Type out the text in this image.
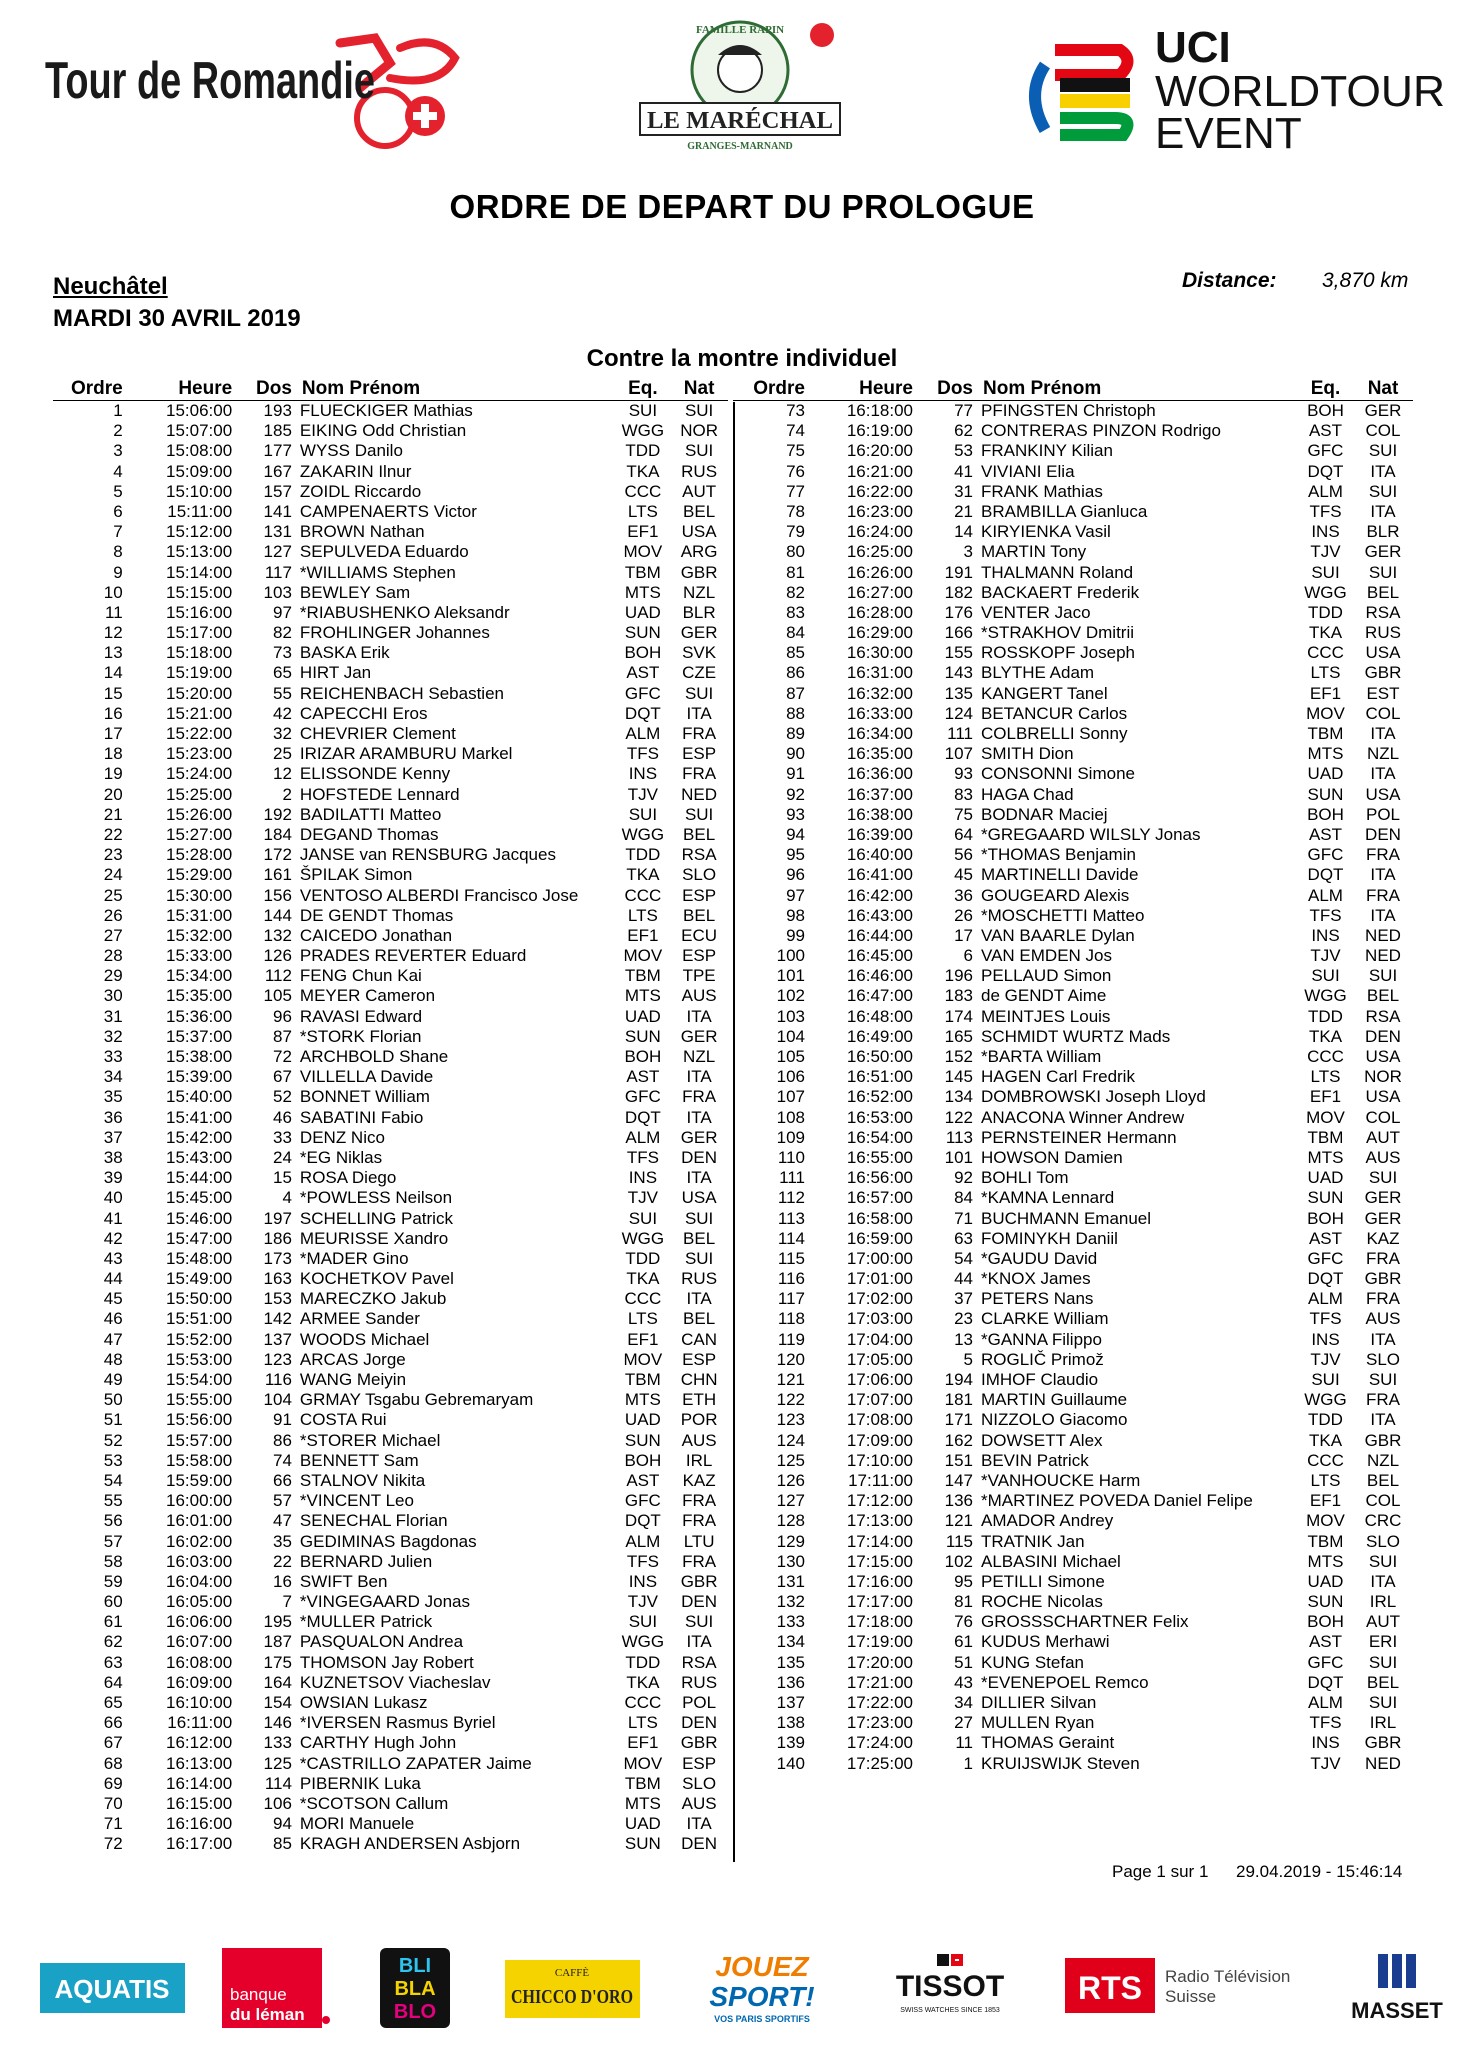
Tour de Romandie
FAMILLE RAPIN
LE MARÉCHAL
GRANGES-MARNAND
UCI
WORLDTOUR
EVENT
ORDRE DE DEPART DU PROLOGUE
Neuchâtel
MARDI 30 AVRIL 2019
Distance: 3,870 km
Contre la montre individuel
Ordre	Heure	Dos Nom Prénom	Eq.	Nat
1	15:06:00	193 FLUECKIGER Mathias	SUI	SUI
2	15:07:00	185 EIKING Odd Christian	WGG NOR
3	15:08:00	177 WYSS Danilo	TDD	SUI
4	15:09:00	167 ZAKARIN Ilnur	TKA	RUS
5	15:10:00	157 ZOIDL Riccardo	CCC	AUT
6	15:11:00	141 CAMPENAERTS Victor	LTS	BEL
7	15:12:00	131 BROWN Nathan	EF1	USA
8	15:13:00	127 SEPULVEDA Eduardo	MOV	ARG
9	15:14:00	117 *WILLIAMS Stephen	TBM	GBR
10	15:15:00	103 BEWLEY Sam	MTS	NZL
11	15:16:00	97 *RIABUSHENKO Aleksandr	UAD	BLR
12	15:17:00	82 FROHLINGER Johannes	SUN	GER
13	15:18:00	73 BASKA Erik	BOH	SVK
14	15:19:00	65 HIRT Jan	AST	CZE
15	15:20:00	55 REICHENBACH Sebastien	GFC	SUI
16	15:21:00	42 CAPECCHI Eros	DQT	ITA
17	15:22:00	32 CHEVRIER Clement	ALM	FRA
18	15:23:00	25 IRIZAR ARAMBURU Markel	TFS	ESP
19	15:24:00	12 ELISSONDE Kenny	INS	FRA
20	15:25:00	2 HOFSTEDE Lennard	TJV	NED
21	15:26:00	192 BADILATTI Matteo	SUI	SUI
22	15:27:00	184 DEGAND Thomas	WGG	BEL
23	15:28:00	172 JANSE van RENSBURG Jacques	TDD	RSA
24	15:29:00	161 ŠPILAK Simon	TKA	SLO
25	15:30:00	156 VENTOSO ALBERDI Francisco Jose	CCC	ESP
26	15:31:00	144 DE GENDT Thomas	LTS	BEL
27	15:32:00	132 CAICEDO Jonathan	EF1	ECU
28	15:33:00	126 PRADES REVERTER Eduard	MOV	ESP
29	15:34:00	112 FENG Chun Kai	TBM	TPE
30	15:35:00	105 MEYER Cameron	MTS	AUS
31	15:36:00	96 RAVASI Edward	UAD	ITA
32	15:37:00	87 *STORK Florian	SUN	GER
33	15:38:00	72 ARCHBOLD Shane	BOH	NZL
34	15:39:00	67 VILLELLA Davide	AST	ITA
35	15:40:00	52 BONNET William	GFC	FRA
36	15:41:00	46 SABATINI Fabio	DQT	ITA
37	15:42:00	33 DENZ Nico	ALM	GER
38	15:43:00	24 *EG Niklas	TFS	DEN
39	15:44:00	15 ROSA Diego	INS	ITA
40	15:45:00	4 *POWLESS Neilson	TJV	USA
41	15:46:00	197 SCHELLING Patrick	SUI	SUI
42	15:47:00	186 MEURISSE Xandro	WGG	BEL
43	15:48:00	173 *MADER Gino	TDD	SUI
44	15:49:00	163 KOCHETKOV Pavel	TKA	RUS
45	15:50:00	153 MARECZKO Jakub	CCC	ITA
46	15:51:00	142 ARMEE Sander	LTS	BEL
47	15:52:00	137 WOODS Michael	EF1	CAN
48	15:53:00	123 ARCAS Jorge	MOV	ESP
49	15:54:00	116 WANG Meiyin	TBM	CHN
50	15:55:00	104 GRMAY Tsgabu Gebremaryam	MTS	ETH
51	15:56:00	91 COSTA Rui	UAD	POR
52	15:57:00	86 *STORER Michael	SUN	AUS
53	15:58:00	74 BENNETT Sam	BOH	IRL
54	15:59:00	66 STALNOV Nikita	AST	KAZ
55	16:00:00	57 *VINCENT Leo	GFC	FRA
56	16:01:00	47 SENECHAL Florian	DQT	FRA
57	16:02:00	35 GEDIMINAS Bagdonas	ALM	LTU
58	16:03:00	22 BERNARD Julien	TFS	FRA
59	16:04:00	16 SWIFT Ben	INS	GBR
60	16:05:00	7 *VINGEGAARD Jonas	TJV	DEN
61	16:06:00	195 *MULLER Patrick	SUI	SUI
62	16:07:00	187 PASQUALON Andrea	WGG	ITA
63	16:08:00	175 THOMSON Jay Robert	TDD	RSA
64	16:09:00	164 KUZNETSOV Viacheslav	TKA	RUS
65	16:10:00	154 OWSIAN Lukasz	CCC	POL
66	16:11:00	146 *IVERSEN Rasmus Byriel	LTS	DEN
67	16:12:00	133 CARTHY Hugh John	EF1	GBR
68	16:13:00	125 *CASTRILLO ZAPATER Jaime	MOV	ESP
69	16:14:00	114 PIBERNIK Luka	TBM	SLO
70	16:15:00	106 *SCOTSON Callum	MTS	AUS
71	16:16:00	94 MORI Manuele	UAD	ITA
72	16:17:00	85 KRAGH ANDERSEN Asbjorn	SUN	DEN
Ordre	Heure	Dos Nom Prénom	Eq.	Nat
73	16:18:00	77 PFINGSTEN Christoph	BOH	GER
74	16:19:00	62 CONTRERAS PINZON Rodrigo	AST	COL
75	16:20:00	53 FRANKINY Kilian	GFC	SUI
76	16:21:00	41 VIVIANI Elia	DQT	ITA
77	16:22:00	31 FRANK Mathias	ALM	SUI
78	16:23:00	21 BRAMBILLA Gianluca	TFS	ITA
79	16:24:00	14 KIRYIENKA Vasil	INS	BLR
80	16:25:00	3 MARTIN Tony	TJV	GER
81	16:26:00	191 THALMANN Roland	SUI	SUI
82	16:27:00	182 BACKAERT Frederik	WGG	BEL
83	16:28:00	176 VENTER Jaco	TDD	RSA
84	16:29:00	166 *STRAKHOV Dmitrii	TKA	RUS
85	16:30:00	155 ROSSKOPF Joseph	CCC	USA
86	16:31:00	143 BLYTHE Adam	LTS	GBR
87	16:32:00	135 KANGERT Tanel	EF1	EST
88	16:33:00	124 BETANCUR Carlos	MOV	COL
89	16:34:00	111 COLBRELLI Sonny	TBM	ITA
90	16:35:00	107 SMITH Dion	MTS	NZL
91	16:36:00	93 CONSONNI Simone	UAD	ITA
92	16:37:00	83 HAGA Chad	SUN	USA
93	16:38:00	75 BODNAR Maciej	BOH	POL
94	16:39:00	64 *GREGAARD WILSLY Jonas	AST	DEN
95	16:40:00	56 *THOMAS Benjamin	GFC	FRA
96	16:41:00	45 MARTINELLI Davide	DQT	ITA
97	16:42:00	36 GOUGEARD Alexis	ALM	FRA
98	16:43:00	26 *MOSCHETTI Matteo	TFS	ITA
99	16:44:00	17 VAN BAARLE Dylan	INS	NED
100	16:45:00	6 VAN EMDEN Jos	TJV	NED
101	16:46:00	196 PELLAUD Simon	SUI	SUI
102	16:47:00	183 de GENDT Aime	WGG	BEL
103	16:48:00	174 MEINTJES Louis	TDD	RSA
104	16:49:00	165 SCHMIDT WURTZ Mads	TKA	DEN
105	16:50:00	152 *BARTA William	CCC	USA
106	16:51:00	145 HAGEN Carl Fredrik	LTS	NOR
107	16:52:00	134 DOMBROWSKI Joseph Lloyd	EF1	USA
108	16:53:00	122 ANACONA Winner Andrew	MOV	COL
109	16:54:00	113 PERNSTEINER Hermann	TBM	AUT
110	16:55:00	101 HOWSON Damien	MTS	AUS
111	16:56:00	92 BOHLI Tom	UAD	SUI
112	16:57:00	84 *KAMNA Lennard	SUN	GER
113	16:58:00	71 BUCHMANN Emanuel	BOH	GER
114	16:59:00	63 FOMINYKH Daniil	AST	KAZ
115	17:00:00	54 *GAUDU David	GFC	FRA
116	17:01:00	44 *KNOX James	DQT	GBR
117	17:02:00	37 PETERS Nans	ALM	FRA
118	17:03:00	23 CLARKE William	TFS	AUS
119	17:04:00	13 *GANNA Filippo	INS	ITA
120	17:05:00	5 ROGLIČ Primož	TJV	SLO
121	17:06:00	194 IMHOF Claudio	SUI	SUI
122	17:07:00	181 MARTIN Guillaume	WGG	FRA
123	17:08:00	171 NIZZOLO Giacomo	TDD	ITA
124	17:09:00	162 DOWSETT Alex	TKA	GBR
125	17:10:00	151 BEVIN Patrick	CCC	NZL
126	17:11:00	147 *VANHOUCKE Harm	LTS	BEL
127	17:12:00	136 *MARTINEZ POVEDA Daniel Felipe	EF1	COL
128	17:13:00	121 AMADOR Andrey	MOV	CRC
129	17:14:00	115 TRATNIK Jan	TBM	SLO
130	17:15:00	102 ALBASINI Michael	MTS	SUI
131	17:16:00	95 PETILLI Simone	UAD	ITA
132	17:17:00	81 ROCHE Nicolas	SUN	IRL
133	17:18:00	76 GROSSSCHARTNER Felix	BOH	AUT
134	17:19:00	61 KUDUS Merhawi	AST	ERI
135	17:20:00	51 KUNG Stefan	GFC	SUI
136	17:21:00	43 *EVENEPOEL Remco	DQT	BEL
137	17:22:00	34 DILLIER Silvan	ALM	SUI
138	17:23:00	27 MULLEN Ryan	TFS	IRL
139	17:24:00	11 THOMAS Geraint	INS	GBR
140	17:25:00	1 KRUIJSWIJK Steven	TJV	NED
Page 1 sur 1 29.04.2019 - 15:46:14
AQUATIS	banque
du léman
BLI
BLA
BLO
CAFFÈ
CHICCO D'ORO
JOUEZ
SPORT!
VOS PARIS SPORTIFS
TISSOT
SWISS WATCHES SINCE 1853
RTS Radio Télévision
Suisse
MASSET
